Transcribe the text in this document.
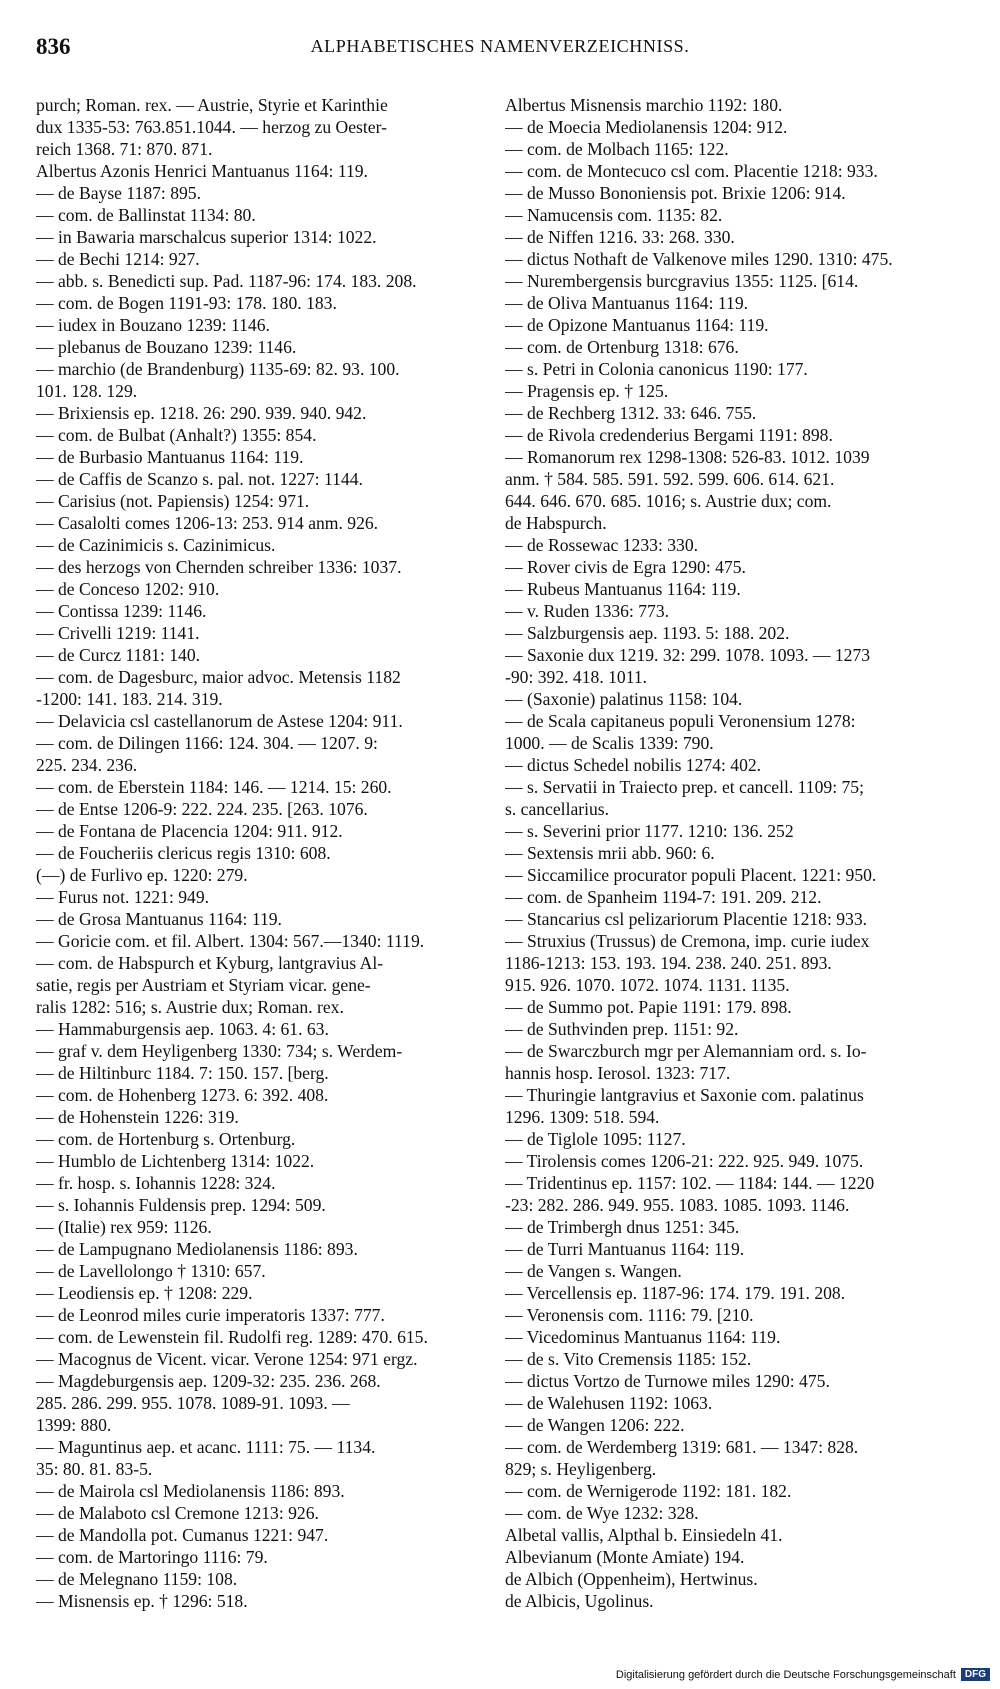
836	ALPHABETISCHES NAMENVERZEICHNISS.
purch; Roman. rex. — Austrie, Styrie et Karinthie
dux 1335-53: 763.851.1044. — herzog zu Oester-
reich 1368. 71: 870. 871.
Albertus Azonis Henrici Mantuanus 1164: 119.
— de Bayse 1187: 895.
— com. de Ballinstat 1134: 80.
— in Bawaria marschalcus superior 1314: 1022.
— de Bechi 1214: 927.
— abb. s. Benedicti sup. Pad. 1187-96: 174. 183. 208.
— com. de Bogen 1191-93: 178. 180. 183.
— iudex in Bouzano 1239: 1146.
— plebanus de Bouzano 1239: 1146.
— marchio (de Brandenburg) 1135-69: 82. 93. 100.
101. 128. 129.
— Brixiensis ep. 1218. 26: 290. 939. 940. 942.
— com. de Bulbat (Anhalt?) 1355: 854.
— de Burbasio Mantuanus 1164: 119.
— de Caffis de Scanzo s. pal. not. 1227: 1144.
— Carisius (not. Papiensis) 1254: 971.
— Casalolti comes 1206-13: 253. 914 anm. 926.
— de Cazinimicis s. Cazinimicus.
— des herzogs von Chernden schreiber 1336: 1037.
— de Conceso 1202: 910.
— Contissa 1239: 1146.
— Crivelli 1219: 1141.
— de Curcz 1181: 140.
— com. de Dagesburc, maior advoc. Metensis 1182
-1200: 141. 183. 214. 319.
— Delavicia csl castellanorum de Astese 1204: 911.
— com. de Dilingen 1166: 124. 304. — 1207. 9:
225. 234. 236.
— com. de Eberstein 1184: 146. — 1214. 15: 260.
— de Entse 1206-9: 222. 224. 235. [263. 1076.
— de Fontana de Placencia 1204: 911. 912.
— de Foucheriis clericus regis 1310: 608.
(—) de Furlivo ep. 1220: 279.
— Furus not. 1221: 949.
— de Grosa Mantuanus 1164: 119.
— Goricie com. et fil. Albert. 1304: 567.—1340: 1119.
— com. de Habspurch et Kyburg, lantgravius Al-
satie, regis per Austriam et Styriam vicar. gene-
ralis 1282: 516; s. Austrie dux; Roman. rex.
— Hammaburgensis aep. 1063. 4: 61. 63.
— graf v. dem Heyligenberg 1330: 734; s. Werdem-
— de Hiltinburc 1184. 7: 150. 157. [berg.
— com. de Hohenberg 1273. 6: 392. 408.
— de Hohenstein 1226: 319.
— com. de Hortenburg s. Ortenburg.
— Humblo de Lichtenberg 1314: 1022.
— fr. hosp. s. Iohannis 1228: 324.
— s. Iohannis Fuldensis prep. 1294: 509.
— (Italie) rex 959: 1126.
— de Lampugnano Mediolanensis 1186: 893.
— de Lavellolongo † 1310: 657.
— Leodiensis ep. † 1208: 229.
— de Leonrod miles curie imperatoris 1337: 777.
— com. de Lewenstein fil. Rudolfi reg. 1289: 470. 615.
— Macognus de Vicent. vicar. Verone 1254: 971 ergz.
— Magdeburgensis aep. 1209-32: 235. 236. 268.
285. 286. 299. 955. 1078. 1089-91. 1093. —
1399: 880.
— Maguntinus aep. et acanc. 1111: 75. — 1134.
35: 80. 81. 83-5.
— de Mairola csl Mediolanensis 1186: 893.
— de Malaboto csl Cremone 1213: 926.
— de Mandolla pot. Cumanus 1221: 947.
— com. de Martoringo 1116: 79.
— de Melegnano 1159: 108.
— Misnensis ep. † 1296: 518.
Albertus Misnensis marchio 1192: 180.
— de Moecia Mediolanensis 1204: 912.
— com. de Molbach 1165: 122.
— com. de Montecuco csl com. Placentie 1218: 933.
— de Musso Bononiensis pot. Brixie 1206: 914.
— Namucensis com. 1135: 82.
— de Niffen 1216. 33: 268. 330.
— dictus Nothaft de Valkenove miles 1290. 1310: 475.
— Nurembergensis burcgravius 1355: 1125. [614.
— de Oliva Mantuanus 1164: 119.
— de Opizone Mantuanus 1164: 119.
— com. de Ortenburg 1318: 676.
— s. Petri in Colonia canonicus 1190: 177.
— Pragensis ep. † 125.
— de Rechberg 1312. 33: 646. 755.
— de Rivola credenderius Bergami 1191: 898.
— Romanorum rex 1298-1308: 526-83. 1012. 1039
anm. † 584. 585. 591. 592. 599. 606. 614. 621.
644. 646. 670. 685. 1016; s. Austrie dux; com.
de Habspurch.
— de Rossewac 1233: 330.
— Rover civis de Egra 1290: 475.
— Rubeus Mantuanus 1164: 119.
— v. Ruden 1336: 773.
— Salzburgensis aep. 1193. 5: 188. 202.
— Saxonie dux 1219. 32: 299. 1078. 1093. — 1273
-90: 392. 418. 1011.
— (Saxonie) palatinus 1158: 104.
— de Scala capitaneus populi Veronensium 1278:
1000. — de Scalis 1339: 790.
— dictus Schedel nobilis 1274: 402.
— s. Servatii in Traiecto prep. et cancell. 1109: 75;
s. cancellarius.
— s. Severini prior 1177. 1210: 136. 252
— Sextensis mrii abb. 960: 6.
— Siccamilice procurator populi Placent. 1221: 950.
— com. de Spanheim 1194-7: 191. 209. 212.
— Stancarius csl pelizariorum Placentie 1218: 933.
— Struxius (Trussus) de Cremona, imp. curie iudex
1186-1213: 153. 193. 194. 238. 240. 251. 893.
915. 926. 1070. 1072. 1074. 1131. 1135.
— de Summo pot. Papie 1191: 179. 898.
— de Suthvinden prep. 1151: 92.
— de Swarczburch mgr per Alemanniam ord. s. Io-
hannis hosp. Ierosol. 1323: 717.
— Thuringie lantgravius et Saxonie com. palatinus
1296. 1309: 518. 594.
— de Tiglole 1095: 1127.
— Tirolensis comes 1206-21: 222. 925. 949. 1075.
— Tridentinus ep. 1157: 102. — 1184: 144. — 1220
-23: 282. 286. 949. 955. 1083. 1085. 1093. 1146.
— de Trimbergh dnus 1251: 345.
— de Turri Mantuanus 1164: 119.
— de Vangen s. Wangen.
— Vercellensis ep. 1187-96: 174. 179. 191. 208.
— Veronensis com. 1116: 79. [210.
— Vicedominus Mantuanus 1164: 119.
— de s. Vito Cremensis 1185: 152.
— dictus Vortzo de Turnowe miles 1290: 475.
— de Walehusen 1192: 1063.
— de Wangen 1206: 222.
— com. de Werdemberg 1319: 681. — 1347: 828.
829; s. Heyligenberg.
— com. de Wernigerode 1192: 181. 182.
— com. de Wye 1232: 328.
Albetal vallis, Alpthal b. Einsiedeln 41.
Albevianum (Monte Amiate) 194.
de Albich (Oppenheim), Hertwinus.
de Albicis, Ugolinus.
Digitalisierung gefördert durch die Deutsche Forschungsgemeinschaft DFG
